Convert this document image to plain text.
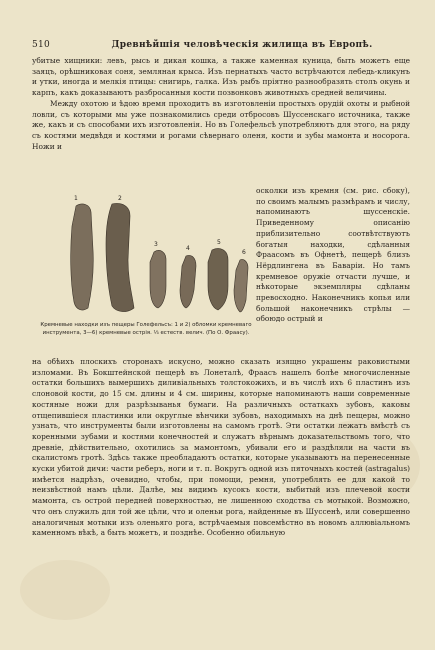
510	Древнѣйшія человѣческія жилища въ Европѣ.

убитые хищники: левъ, рысь и дикая кошка, а также каменная куница, быть можетъ еще заяцъ, орѣшниковая соня, земляная крыса. Изъ пернатыхъ часто встрѣчаются лебедь-кликунъ и утки, иногда и мелкія птицы: снигирь, галка. Изъ рыбъ пріятно разнообразять столъ окунь и карпъ, какъ доказываютъ разбросанныя кости позвонковъ животныхъ средней величины.

Между охотою и ѣдою время проходитъ въ изготовленіи простыхъ орудій охоты и рыбной ловли, съ которыми мы уже познакомились среди отбросовъ Шуссенскаго источника, также же, какъ и съ способами ихъ изготовленія. Но въ Голефельсѣ употребляютъ для этого, на ряду съ костями медвѣдя и костями и рогами сѣвернаго оленя, кости и зубы мамонта и носорога. Ножи и

1	2
3
4
5
6
Кремневые находки изъ пещеры Голефельсъ: 1 и 2) обломки кремневаго инструмента, 3—6) кремневые острія. ⅓ естеств. велич. (По О. Фраасу).

осколки изъ кремня (см. рис. сбоку), по своимъ малымъ размѣрамъ и числу, напоминаютъ шуссенскіе. Приведенному описанію приблизительно соотвѣтствуютъ богатыя находки, сдѣланныя Фраасомъ въ Офнетѣ, пещерѣ близъ Нёрдлингена въ Баваріи. Но тамъ кремневое оружіе отчасти лучше, и нѣкоторые экземпляры сдѣланы превосходно. Наконечникъ копья или большой наконечникъ стрѣлы — обоюдо острый и

на обѣихъ плоскихъ сторонахъ искусно, можно сказать изящно украшены раковистыми изломами. Въ Бокштейнской пещерѣ въ Лонеталѣ, Фраасъ нашелъ болѣе многочисленные остатки большихъ вымершихъ диливіальныхъ толстокожихъ, и въ числѣ ихъ 6 пластинъ изъ слоновой кости, до 15 см. длины и 4 см. ширины, которые напоминаютъ наши современные костяные ножи для разрѣзыванья бумаги. На различныхъ остаткахъ зубовъ, каковы отщепившіеся пластинки или округлые вѣнчики зубовъ, находимыхъ на днѣ пещеры, можно узнать, что инструменты были изготовлены на самомъ гротѣ. Эти остатки лежатъ вмѣстѣ съ коренными зубами и костями конечностей и служатъ вѣрнымъ доказательствомъ того, что древніе, дѣйствительно, охотились за мамонтомъ, убивали его и раздѣляли на части въ скалистомъ гротѣ. Здѣсь также преобладаютъ остатки, которые указываютъ на перенесенные куски убитой дичи: части реберъ, ноги и т. п. Вокругъ одной изъ пяточныхъ костей (astragalus) имѣется надрѣзъ, очевидно, чтобы, при помощи, ремня, употреблять ее для какой то неизвѣстной намъ цѣли. Далѣе, мы видимъ кусокъ кости, выбитый изъ плечевой кости мамонта, съ острой передней поверхностью, не лишенною сходства съ мотыкой. Возможно, что онъ служилъ для той же цѣли, что и оленьи рога, найденные въ Шуссенѣ, или совершенно аналогичныя мотыки изъ оленьяго рога, встрѣчаемыя повсемѣстно въ новомъ аллювіальномъ каменномъ вѣкѣ, а быть можетъ, и позднѣе. Особенно обильную
